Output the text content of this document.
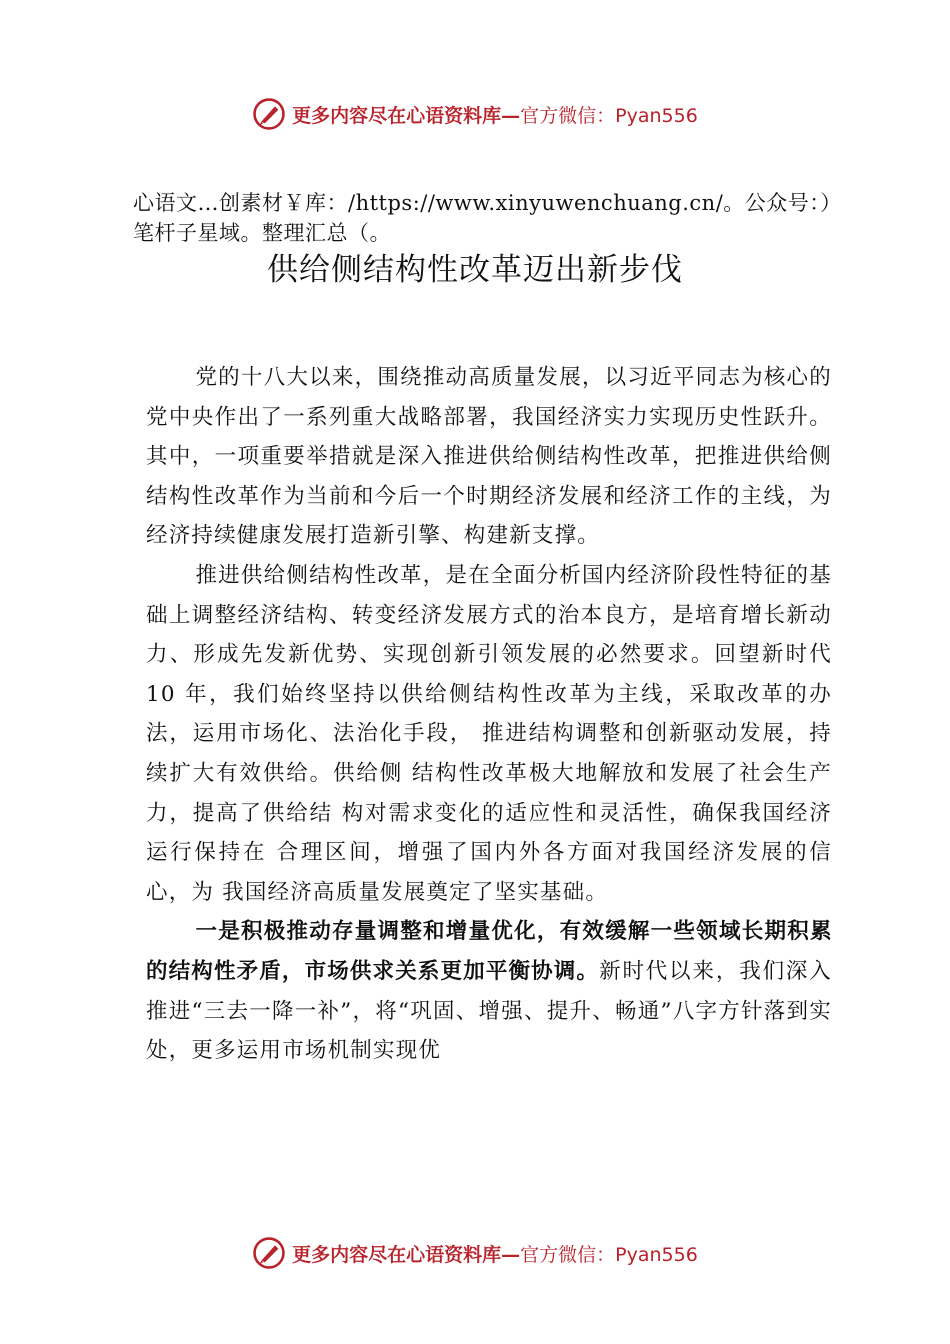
更多内容尽在心语资料库— 官方微信：Pyan556
心语文…创素材￥库：/https://www.xinyuwenchuang.cn/。公众号：）笔杆子星域。整理汇总（。
供给侧结构性改革迈出新步伐

党的十八大以来，围绕推动高质量发展，以习近平同志为核心的党中央作出了一系列重大战略部署，我国经济实力实现历史性跃升。其中，一项重要举措就是深入推进供给侧结构性改革，把推进供给侧结构性改革作为当前和今后一个时期经济发展和经济工作的主线，为经济持续健康发展打造新引擎、构建新支撑。

推进供给侧结构性改革，是在全面分析国内经济阶段性特征的基础上调整经济结构、转变经济发展方式的治本良方，是培育增长新动力、形成先发新优势、实现创新引领发展的必然要求。回望新时代 10 年，我们始终坚持以供给侧结构性改革为主线，采取改革的办法，运用市场化、法治化手段， 推进结构调整和创新驱动发展，持续扩大有效供给。供给侧 结构性改革极大地解放和发展了社会生产力，提高了供给结 构对需求变化的适应性和灵活性，确保我国经济运行保持在 合理区间，增强了国内外各方面对我国经济发展的信心，为 我国经济高质量发展奠定了坚实基础。

一是积极推动存量调整和增量优化，有效缓解一些领域长期积累的结构性矛盾，市场供求关系更加平衡协调。新时代以来，我们深入推进“三去一降一补”，将“巩固、增强、提升、畅通”八字方针落到实处，更多运用市场机制实现优

更多内容尽在心语资料库— 官方微信：Pyan556
